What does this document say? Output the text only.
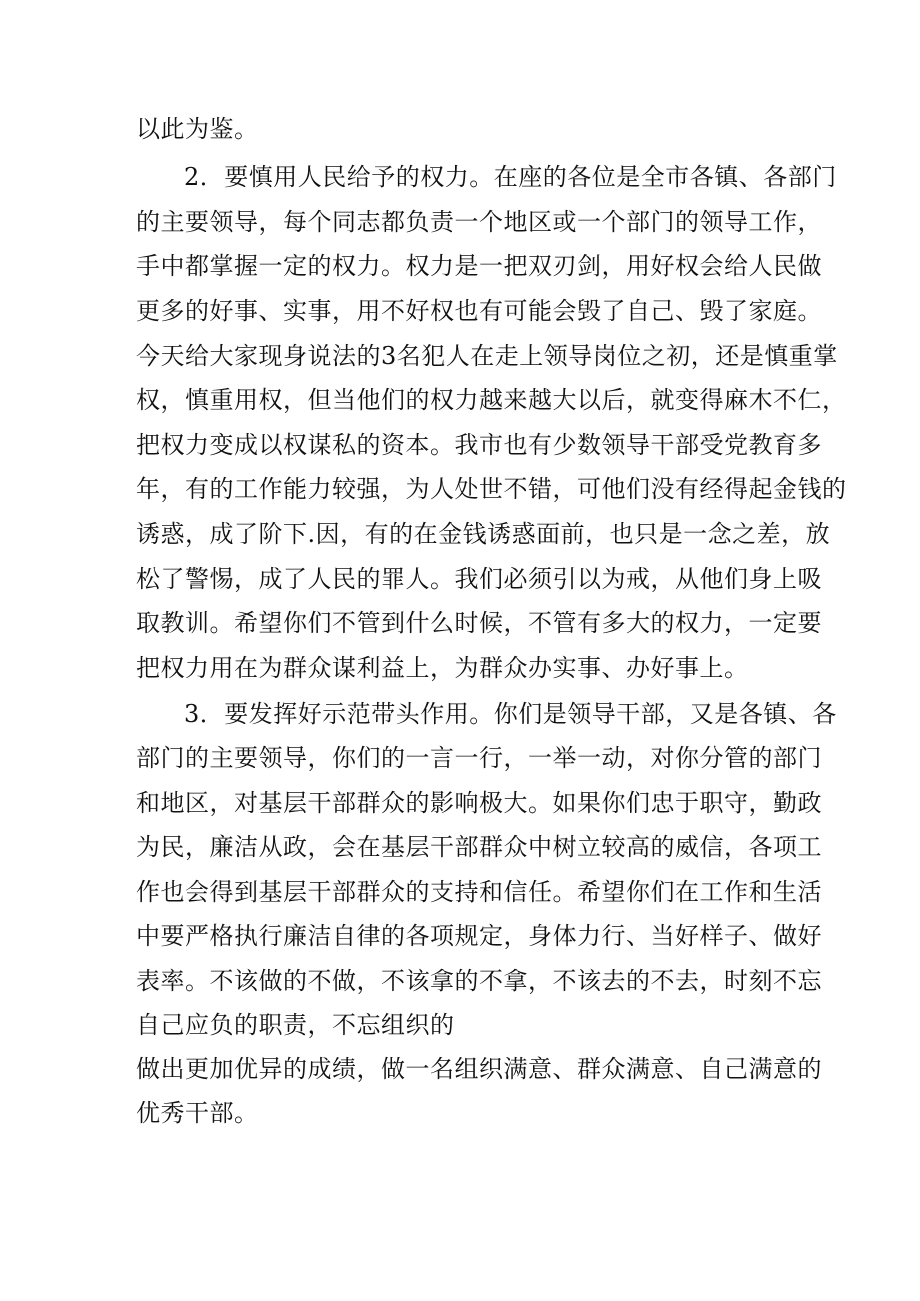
以此为鉴。

2．要慎用人民给予的权力。在座的各位是全市各镇、各部门

的主要领导，每个同志都负责一个地区或一个部门的领导工作，

手中都掌握一定的权力。权力是一把双刃剑，用好权会给人民做

更多的好事、实事，用不好权也有可能会毁了自己、毁了家庭。

今天给大家现身说法的3名犯人在走上领导岗位之初，还是慎重掌

权，慎重用权，但当他们的权力越来越大以后，就变得麻木不仁，

把权力变成以权谋私的资本。我市也有少数领导干部受党教育多

年，有的工作能力较强，为人处世不错，可他们没有经得起金钱的

诱惑，成了阶下.因，有的在金钱诱惑面前，也只是一念之差，放

松了警惕，成了人民的罪人。我们必须引以为戒，从他们身上吸

取教训。希望你们不管到什么时候，不管有多大的权力，一定要

把权力用在为群众谋利益上，为群众办实事、办好事上。

3．要发挥好示范带头作用。你们是领导干部，又是各镇、各

部门的主要领导，你们的一言一行，一举一动，对你分管的部门

和地区，对基层干部群众的影响极大。如果你们忠于职守，勤政

为民，廉洁从政，会在基层干部群众中树立较高的威信，各项工

作也会得到基层干部群众的支持和信任。希望你们在工作和生活

中要严格执行廉洁自律的各项规定，身体力行、当好样子、做好

表率。不该做的不做，不该拿的不拿，不该去的不去，时刻不忘

自己应负的职责，不忘组织的

做出更加优异的成绩，做一名组织满意、群众满意、自己满意的

优秀干部。
